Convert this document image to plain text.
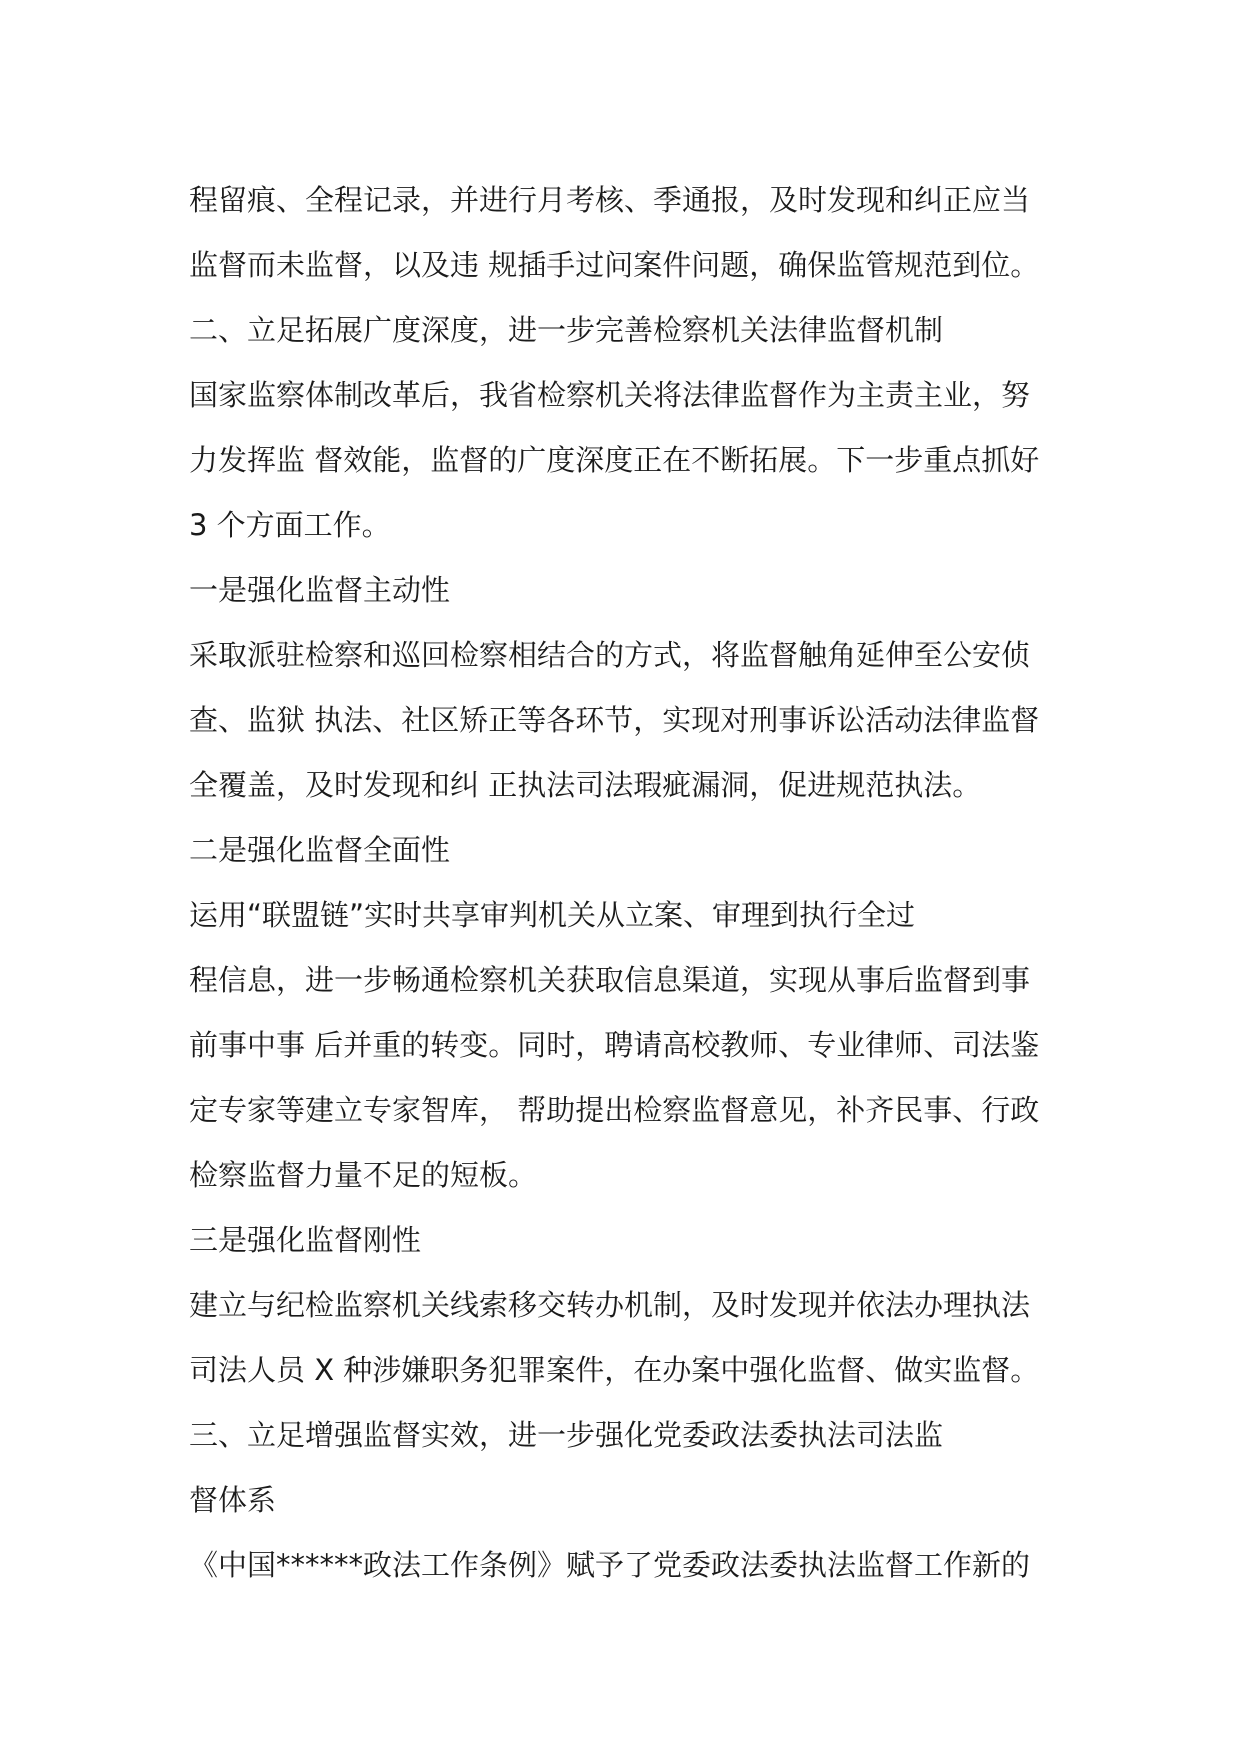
程留痕、全程记录，并进行月考核、季通报，及时发现和纠正应当
监督而未监督，以及违 规插手过问案件问题，确保监管规范到位。
二、立足拓展广度深度，进一步完善检察机关法律监督机制
国家监察体制改革后，我省检察机关将法律监督作为主责主业，努
力发挥监 督效能，监督的广度深度正在不断拓展。下一步重点抓好
3 个方面工作。
一是强化监督主动性
采取派驻检察和巡回检察相结合的方式，将监督触角延伸至公安侦
查、监狱 执法、社区矫正等各环节，实现对刑事诉讼活动法律监督
全覆盖，及时发现和纠 正执法司法瑕疵漏洞，促进规范执法。
二是强化监督全面性
运用“联盟链”实时共享审判机关从立案、审理到执行全过
程信息，进一步畅通检察机关获取信息渠道，实现从事后监督到事
前事中事 后并重的转变。同时，聘请高校教师、专业律师、司法鉴
定专家等建立专家智库， 帮助提出检察监督意见，补齐民事、行政
检察监督力量不足的短板。
三是强化监督刚性
建立与纪检监察机关线索移交转办机制，及时发现并依法办理执法
司法人员 X 种涉嫌职务犯罪案件，在办案中强化监督、做实监督。
三、立足增强监督实效，进一步强化党委政法委执法司法监
督体系
《中国******政法工作条例》赋予了党委政法委执法监督工作新的
